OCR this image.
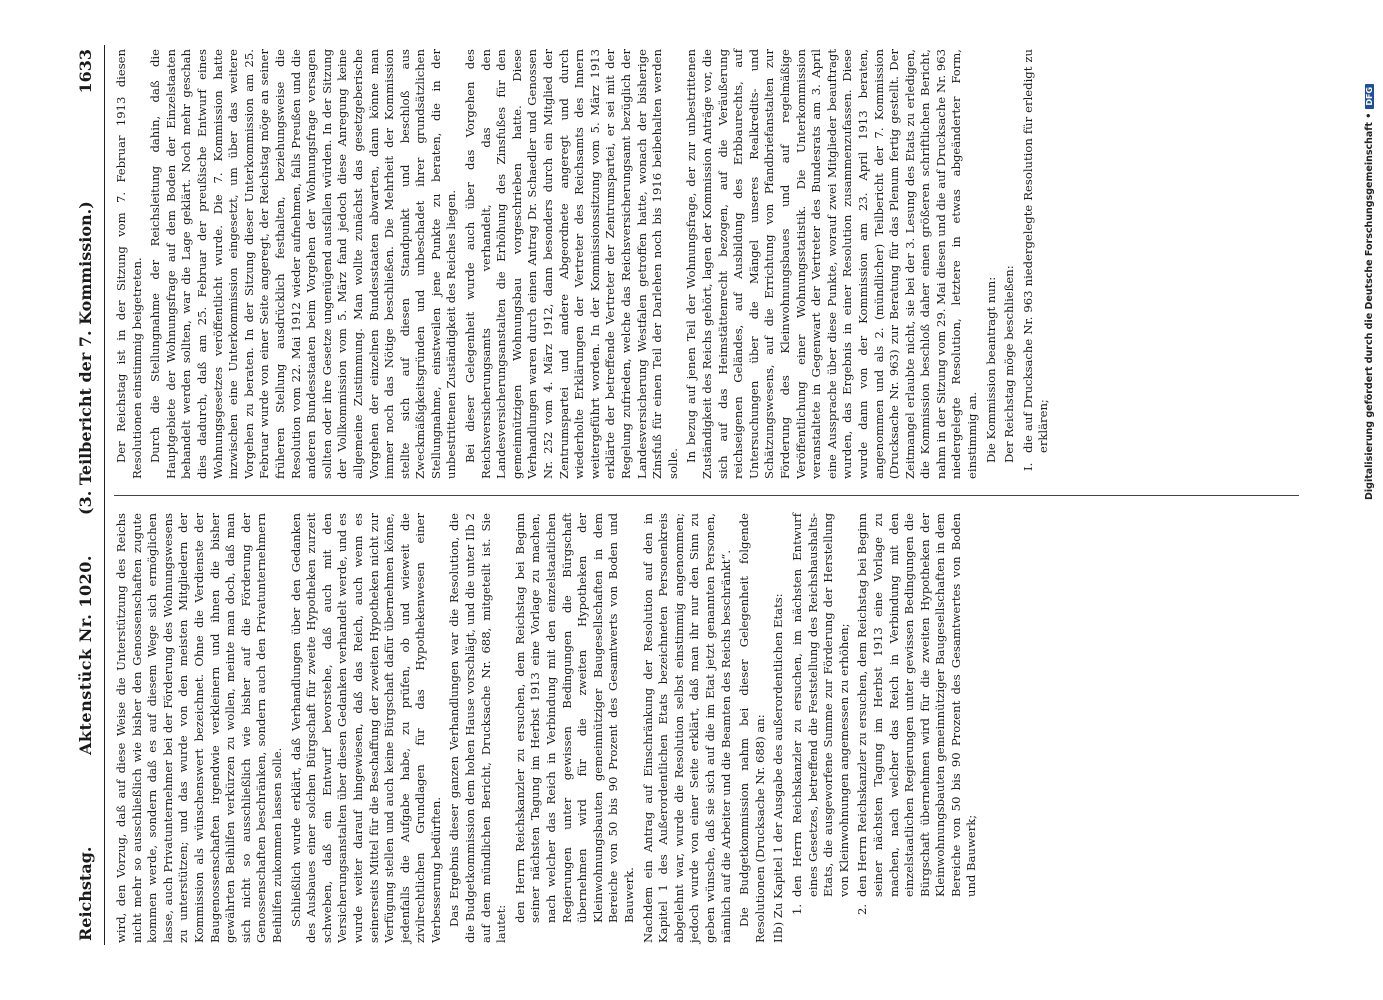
Reichstag.
Aktenstück Nr. 1020.
(3. Teilbericht der 7. Kommission.)
1633

wird, den Vorzug, daß auf diese Weise die Unterstützung des Reichs nicht mehr so ausschließlich wie bisher den Genossenschaften zugute kommen werde, sondern daß es auf diesem Wege sich ermöglichen lasse, auch Privatunternehmer bei der Förderung des Wohnungswesens zu unterstützen; und das wurde von den meisten Mitgliedern der Kommission als wünschenswert bezeichnet. Ohne die Verdienste der Baugenossenschaften irgendwie verkleinern und ihnen die bisher gewährten Beihilfen verkürzen zu wollen, meinte man doch, daß man sich nicht so ausschließlich wie bisher auf die Förderung der Genossenschaften beschränken, sondern auch den Privatunternehmern Beihilfen zukommen lassen solle. Schließlich wurde erklärt, daß Verhandlungen über den Gedanken des Ausbaues einer solchen Bürgschaft für zweite Hypotheken zurzeit schweben, daß ein Entwurf bevorstehe, daß auch mit den Versicherungsanstalten über diesen Gedanken verhandelt werde, und es wurde weiter darauf hingewiesen, daß das Reich, auch wenn es seinerseits Mittel für die Beschaffung der zweiten Hypotheken nicht zur Verfügung stellen und auch keine Bürgschaft dafür übernehmen könne, jedenfalls die Aufgabe habe, zu prüfen, ob und wieweit die zivilrechtlichen Grundlagen für das Hypothekenwesen einer Verbesserung bedürften. Das Ergebnis dieser ganzen Verhandlungen war die Resolution, die die Budgetkommission dem hohen Hause vorschlägt, und die unter IIb 2 auf dem mündlichen Bericht, Drucksache Nr. 688, mitgeteilt ist. Sie lautet:

den Herrn Reichskanzler zu ersuchen, dem Reichstag bei Beginn seiner nächsten Tagung im Herbst 1913 eine Vorlage zu machen, nach welcher das Reich in Verbindung mit den einzelstaatlichen Regierungen unter gewissen Bedingungen die Bürgschaft übernehmen wird für die zweiten Hypotheken der Kleinwohnungsbauten gemeinnütziger Baugesellschaften in dem Bereiche von 50 bis 90 Prozent des Gesamtwerts von Boden und Bauwerk. Nachdem ein Antrag auf Einschränkung der Resolution auf den in Kapitel 1 des Außerordentlichen Etats bezeichneten Personenkreis abgelehnt war, wurde die Resolution selbst einstimmig angenommen; jedoch wurde von einer Seite erklärt, daß man ihr nur den Sinn zu geben wünsche, daß sie sich auf die im Etat jetzt genannten Personen, nämlich auf die Arbeiter und die Beamten des Reichs beschränkt“. Die Budgetkommission nahm bei dieser Gelegenheit folgende Resolutionen (Drucksache Nr. 688) an: IIb) Zu Kapitel 1 der Ausgabe des außerordentlichen Etats: 1.
den Herrn Reichskanzler zu ersuchen, im nächsten Entwurf eines Gesetzes, betreffend die Feststellung des Reichshaushalts-Etats, die ausgeworfene Summe zur Förderung der Herstellung von Kleinwohnungen angemessen zu erhöhen;

2.
den Herrn Reichskanzler zu ersuchen, dem Reichstag bei Beginn seiner nächsten Tagung im Herbst 1913 eine Vorlage zu machen, nach welcher das Reich in Verbindung mit den einzelstaatlichen Regierungen unter gewissen Bedingungen die Bürgschaft übernehmen wird für die zweiten Hypotheken der Kleinwohnungsbauten gemeinnütziger Baugesellschaften in dem Bereiche von 50 bis 90 Prozent des Gesamtwertes von Boden und Bauwerk;

Der Reichstag ist in der Sitzung vom 7. Februar 1913 diesen Resolutionen einstimmig beigetreten. Durch die Stellungnahme der Reichsleitung dahin, daß die Hauptgebiete der Wohnungsfrage auf dem Boden der Einzelstaaten behandelt werden sollten, war die Lage geklärt. Noch mehr geschah dies dadurch, daß am 25. Februar der preußische Entwurf eines Wohnungsgesetzes veröffentlicht wurde. Die 7. Kommission hatte inzwischen eine Unterkommission eingesetzt, um über das weitere Vorgehen zu beraten. In der Sitzung dieser Unterkommission am 25. Februar wurde von einer Seite angeregt, der Reichstag möge an seiner früheren Stellung ausdrücklich festhalten, beziehungsweise die Resolution vom 22. Mai 1912 wieder aufnehmen, falls Preußen und die anderen Bundesstaaten beim Vorgehen der Wohnungsfrage versagen sollten oder ihre Gesetze ungenügend ausfallen würden. In der Sitzung der Vollkommission vom 5. März fand jedoch diese Anregung keine allgemeine Zustimmung. Man wollte zunächst das gesetzgeberische Vorgehen der einzelnen Bundesstaaten abwarten, dann könne man immer noch das Nötige beschließen. Die Mehrheit der Kommission stellte sich auf diesen Standpunkt und beschloß aus Zweckmäßigkeitsgründen und unbeschadet ihrer grundsätzlichen Stellungnahme, einstweilen jene Punkte zu beraten, die in der unbestrittenen Zuständigkeit des Reiches liegen. Bei dieser Gelegenheit wurde auch über das Vorgehen des Reichsversicherungsamts verhandelt, das den Landesversicherungsanstalten die Erhöhung des Zinsfußes für den gemeinnützigen Wohnungsbau vorgeschrieben hatte. Diese Verhandlungen waren durch einen Antrag Dr. Schaedler und Genossen Nr. 252 vom 4. März 1912, dann besonders durch ein Mitglied der Zentrumspartei und andere Abgeordnete angeregt und durch wiederholte Erklärungen der Vertreter des Reichsamts des Innern weitergeführt worden. In der Kommissionssitzung vom 5. März 1913 erklärte der betreffende Vertreter der Zentrumspartei, er sei mit der Regelung zufrieden, welche das Reichsversicherungsamt bezüglich der Landesversicherung Westfalen getroffen hatte, wonach der bisherige Zinsfuß für einen Teil der Darlehen noch bis 1916 beibehalten werden solle.

In bezug auf jenen Teil der Wohnungsfrage, der zur unbestrittenen Zuständigkeit des Reichs gehört, lagen der Kommission Anträge vor, die sich auf das Heimstättenrecht bezogen, auf die Veräußerung reichseigenen Geländes, auf Ausbildung des Erbbaurechts, auf Untersuchungen über die Mängel unseres Realkredits- und Schätzungswesens, auf die Errichtung von Pfandbriefanstalten zur Förderung des Kleinwohnungsbaues und auf regelmäßige Veröffentlichung einer Wohnungsstatistik. Die Unterkommission veranstaltete in Gegenwart der Vertreter des Bundesrats am 3. April eine Aussprache über diese Punkte, worauf zwei Mitglieder beauftragt wurden, das Ergebnis in einer Resolution zusammenzufassen. Diese wurde dann von der Kommission am 23. April 1913 beraten, angenommen und als 2. (mündlicher) Teilbericht der 7. Kommission (Drucksache Nr. 963) zur Beratung für das Plenum fertig gestellt. Der Zeitmangel erlaubte nicht, sie bei der 3. Lesung des Etats zu erledigen, die Kommission beschloß daher einen größeren schriftlichen Bericht, nahm in der Sitzung vom 29. Mai diesen und die auf Drucksache Nr. 963 niedergelegte Resolution, letztere in etwas abgeänderter Form, einstimmig an. Die Kommission beantragt nun: Der Reichstag möge beschließen:

I.
die auf Drucksache Nr. 963 niedergelegte Resolution für erledigt zu erklären;	Digitalisierung gefördert durch die Deutsche Forschungsgemeinschaft •DFG
